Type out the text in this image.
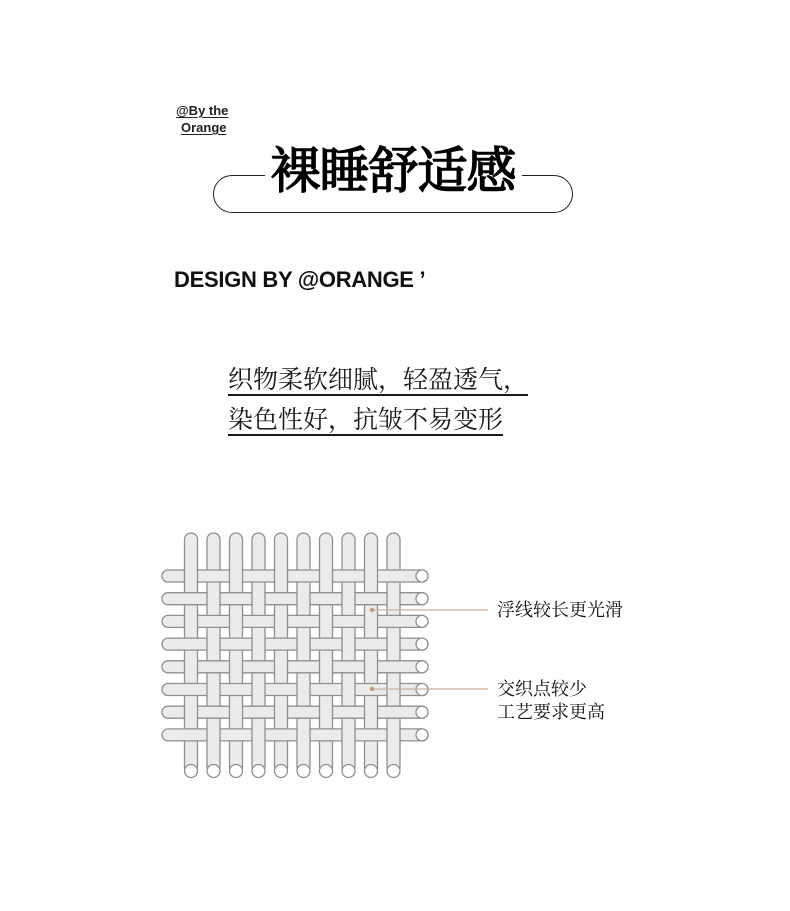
@By the
Orange
裸睡舒适感
DESIGN BY @ORANGE ’
织物柔软细腻，轻盈透气，
染色性好，抗皱不易变形
浮线较长更光滑
交织点较少
工艺要求更高
